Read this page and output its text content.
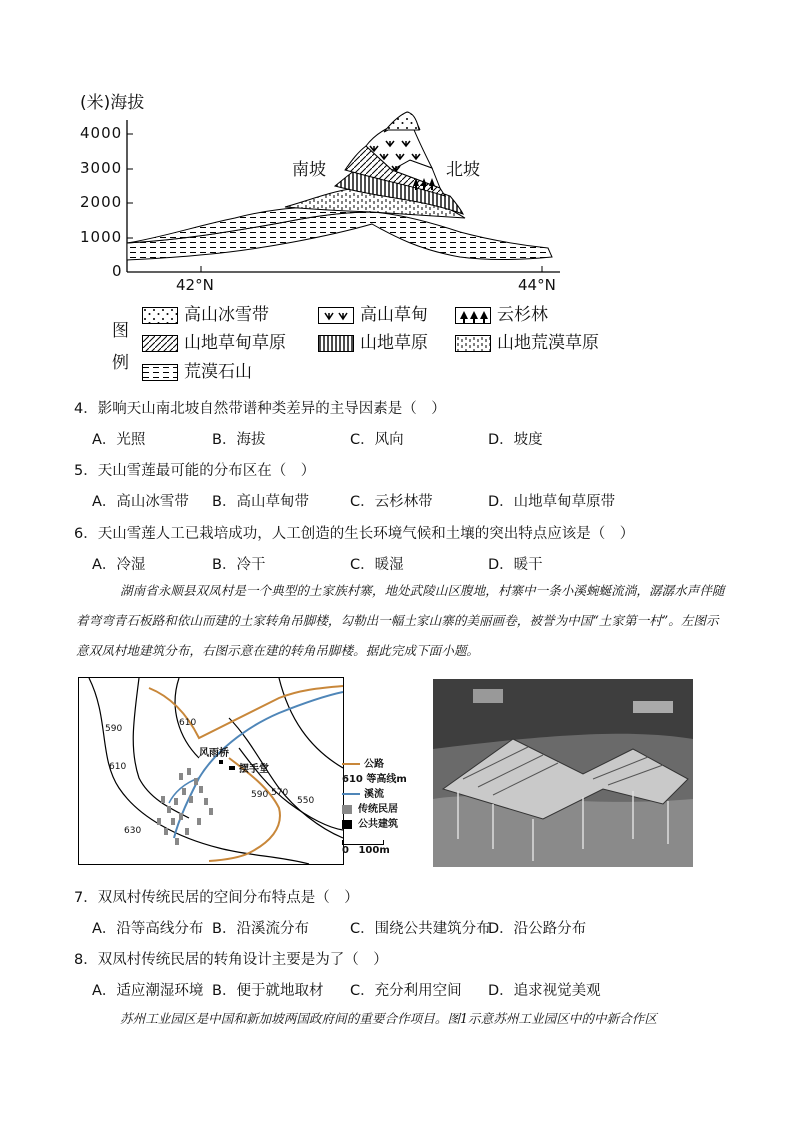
(米)海拔
4000
3000
2000
1000
0
42°N	44°N
南坡	北坡
图
例
高山冰雪带	高山草甸	云杉林
山地草甸草原	山地草原	山地荒漠草原
荒漠石山
4．影响天山南北坡自然带谱种类差异的主导因素是（　）
A．光照	B．海拔	C．风向	D．坡度
5．天山雪莲最可能的分布区在（　）
A．高山冰雪带 B．高山草甸带	C．云杉林带	D．山地草甸草原带
6．天山雪莲人工已栽培成功，人工创造的生长环境气候和土壤的突出特点应该是（　）
A．冷湿	B．冷干	C．暖湿	D．暖干
湖南省永顺县双凤村是一个典型的土家族村寨，地处武陵山区腹地，村寨中一条小溪蜿蜒流淌，潺潺水声伴随着弯弯青石板路和依山而建的土家转角吊脚楼，勾勒出一幅土家山寨的美丽画卷，被誉为中国“土家第一村”。左图示意双凤村地建筑分布，右图示意在建的转角吊脚楼。据此完成下面小题。
风雨桥
摆手堂
610
590
610
630
590 570
550
公路
610 等高线m
溪流
传统民居
公共建筑
0 100m
7．双凤村传统民居的空间分布特点是（　）
A．沿等高线分布 B．沿溪流分布	C．围绕公共建筑分布
D．沿公路分布
8．双凤村传统民居的转角设计主要是为了（　）
A．适应潮湿环境 B．便于就地取材 C．充分利用空间 D．追求视觉美观
苏州工业园区是中国和新加坡两国政府间的重要合作项目。图1示意苏州工业园区中的中新合作区
